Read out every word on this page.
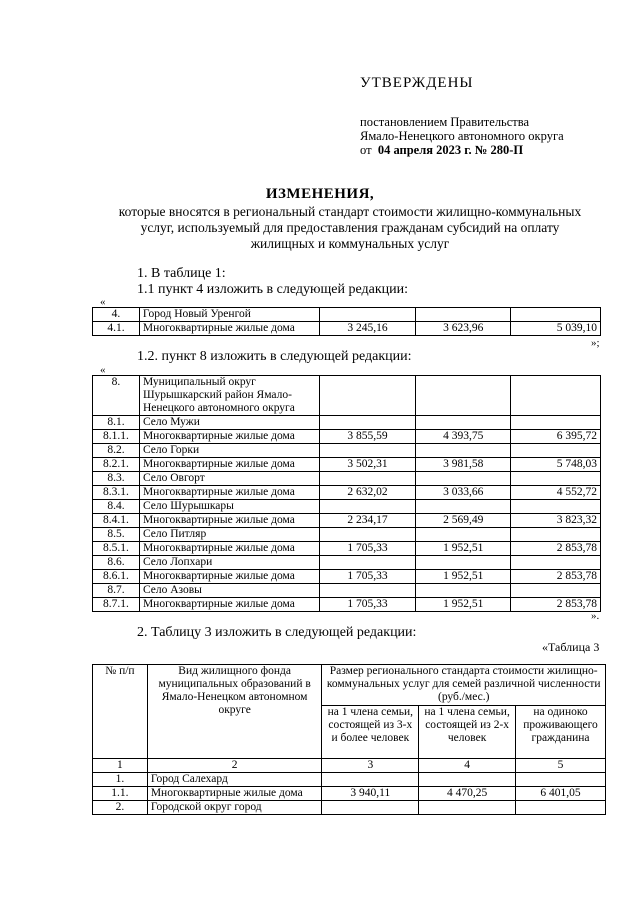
УТВЕРЖДЕНЫ
постановлением Правительства
Ямало-Ненецкого автономного округа
от 04 апреля 2023 г. № 280-П
ИЗМЕНЕНИЯ,
которые вносятся в региональный стандарт стоимости жилищно-коммунальных
услуг, используемый для предоставления гражданам субсидий на оплату
жилищных и коммунальных услуг
1. В таблице 1:
1.1 пункт 4 изложить в следующей редакции:
«
4.	Город Новый Уренгой			
4.1.	Многоквартирные жилые дома	3 245,16	3 623,96	5 039,10
»;
1.2. пункт 8 изложить в следующей редакции:
«
8.	Муниципальный округ Шурышкарский район Ямало-Ненецкого автономного округа			
8.1.	Село Мужи			
8.1.1.	Многоквартирные жилые дома	3 855,59	4 393,75	6 395,72
8.2.	Село Горки			
8.2.1.	Многоквартирные жилые дома	3 502,31	3 981,58	5 748,03
8.3.	Село Овгорт			
8.3.1.	Многоквартирные жилые дома	2 632,02	3 033,66	4 552,72
8.4.	Село Шурышкары			
8.4.1.	Многоквартирные жилые дома	2 234,17	2 569,49	3 823,32
8.5.	Село Питляр			
8.5.1.	Многоквартирные жилые дома	1 705,33	1 952,51	2 853,78
8.6.	Село Лопхари			
8.6.1.	Многоквартирные жилые дома	1 705,33	1 952,51	2 853,78
8.7.	Село Азовы			
8.7.1.	Многоквартирные жилые дома	1 705,33	1 952,51	2 853,78
».
2. Таблицу 3 изложить в следующей редакции:
«Таблица 3
№ п/п	Вид жилищного фонда муниципальных образований в Ямало-Ненецком автономном округе	Размер регионального стандарта стоимости жилищно-коммунальных услуг для семей различной численности (руб./мес.)		
		на 1 члена семьи, состоящей из 3-х и более человек	на 1 члена семьи, состоящей из 2-х человек	на одиноко проживающего гражданина
1	2	3	4	5
1.	Город Салехард			
1.1.	Многоквартирные жилые дома	3 940,11	4 470,25	6 401,05
2.	Городской округ город			
